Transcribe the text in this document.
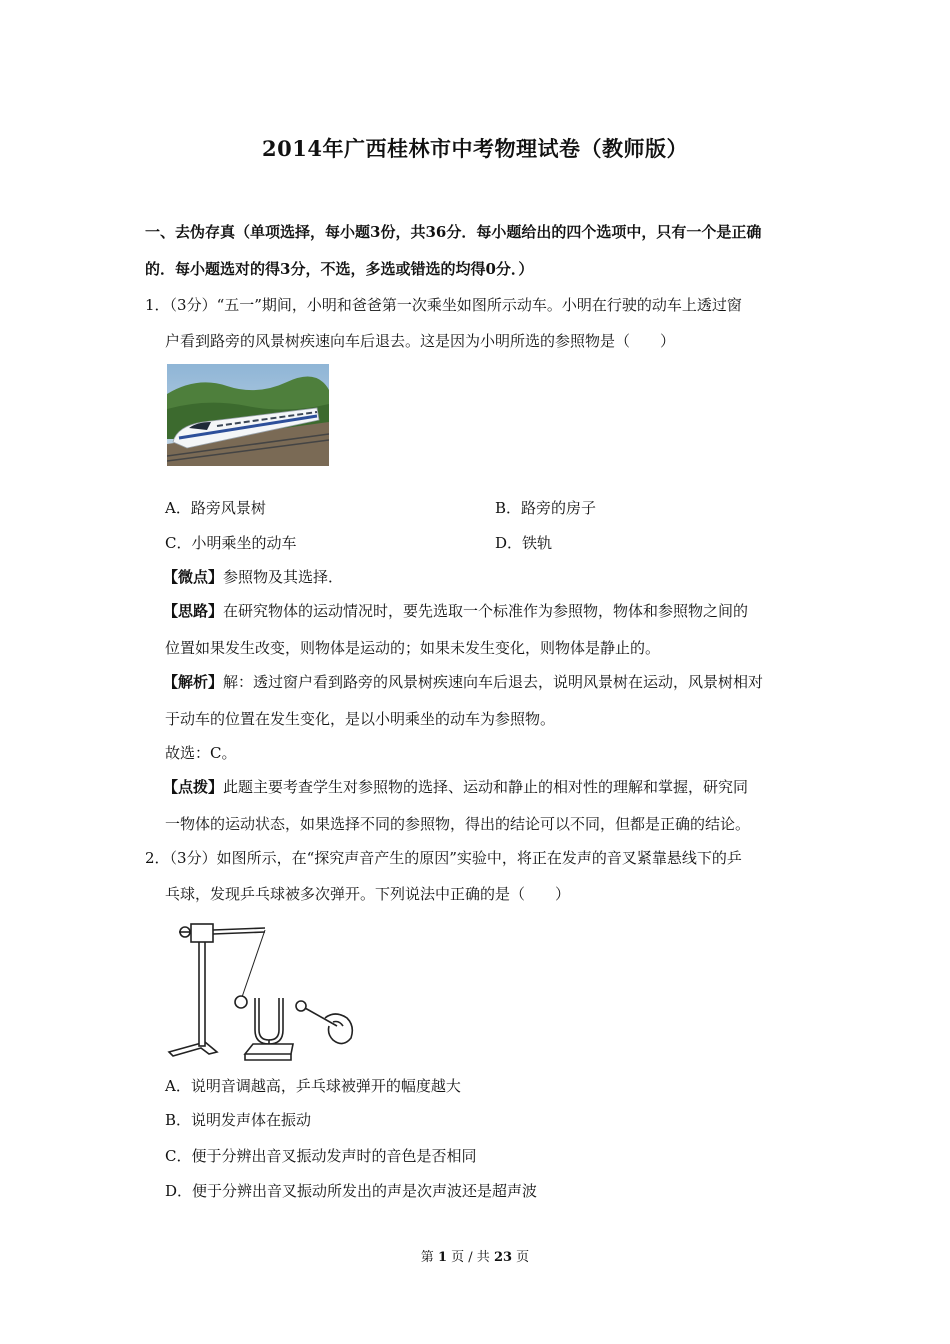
2014年广西桂林市中考物理试卷（教师版）
一、去伪存真（单项选择，每小题3份，共36分．每小题给出的四个选项中，只有一个是正确
的．每小题选对的得3分，不选，多选或错选的均得0分．）
1．（3分）“五一”期间，小明和爸爸第一次乘坐如图所示动车。小明在行驶的动车上透过窗
户看到路旁的风景树疾速向车后退去。这是因为小明所选的参照物是（　　）
A．路旁风景树	B．路旁的房子
C．小明乘坐的动车	D．铁轨
【微点】参照物及其选择．
【思路】在研究物体的运动情况时，要先选取一个标准作为参照物，物体和参照物之间的
位置如果发生改变，则物体是运动的；如果未发生变化，则物体是静止的。
【解析】解：透过窗户看到路旁的风景树疾速向车后退去，说明风景树在运动，风景树相对
于动车的位置在发生变化，是以小明乘坐的动车为参照物。
故选：C。
【点拨】此题主要考查学生对参照物的选择、运动和静止的相对性的理解和掌握，研究同
一物体的运动状态，如果选择不同的参照物，得出的结论可以不同，但都是正确的结论。
2．（3分）如图所示，在“探究声音产生的原因”实验中，将正在发声的音叉紧靠悬线下的乒
乓球，发现乒乓球被多次弹开。下列说法中正确的是（　　）
A．说明音调越高，乒乓球被弹开的幅度越大
B．说明发声体在振动
C．便于分辨出音叉振动发声时的音色是否相同
D．便于分辨出音叉振动所发出的声是次声波还是超声波
第 1 页 / 共 23 页
